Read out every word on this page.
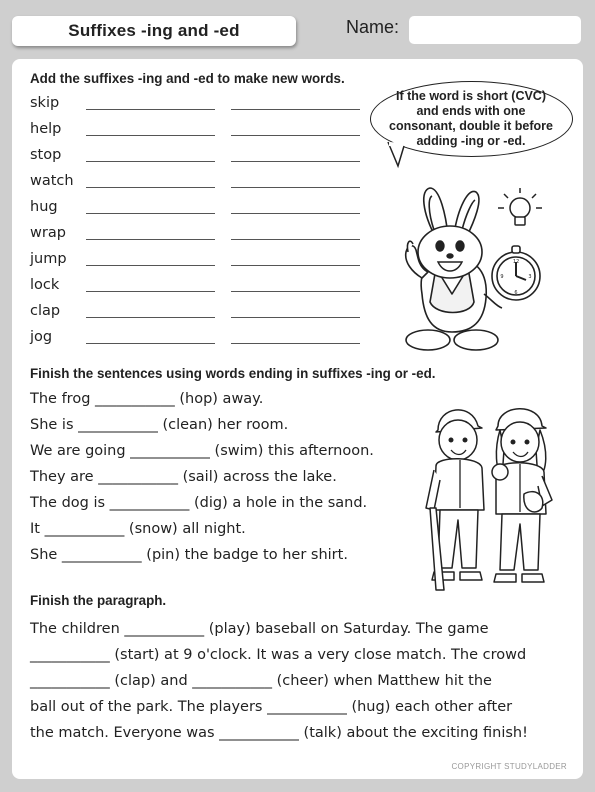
Suffixes -ing and -ed	Name:
Add the suffixes -ing and -ed to make new words.
skip
help
stop
watch
hug
wrap
jump
lock
clap
jog
If the word is short (CVC) and ends with one consonant, double it before adding -ing or -ed.
12
3
6
9
Finish the sentences using words ending in suffixes -ing or -ed.
The frog ___________ (hop) away.
She is ___________ (clean) her room.
We are going ___________ (swim) this afternoon.
They are ___________ (sail) across the lake.
The dog is ___________ (dig) a hole in the sand.
It ___________ (snow) all night.
She ___________ (pin) the badge to her shirt.
Finish the paragraph.
The children ___________ (play) baseball on Saturday. The game
___________ (start) at 9 o'clock. It was a very close match. The crowd
___________ (clap) and ___________ (cheer) when Matthew hit the
ball out of the park. The players ___________ (hug) each other after
the match. Everyone was ___________ (talk) about the exciting finish!
COPYRIGHT STUDYLADDER
